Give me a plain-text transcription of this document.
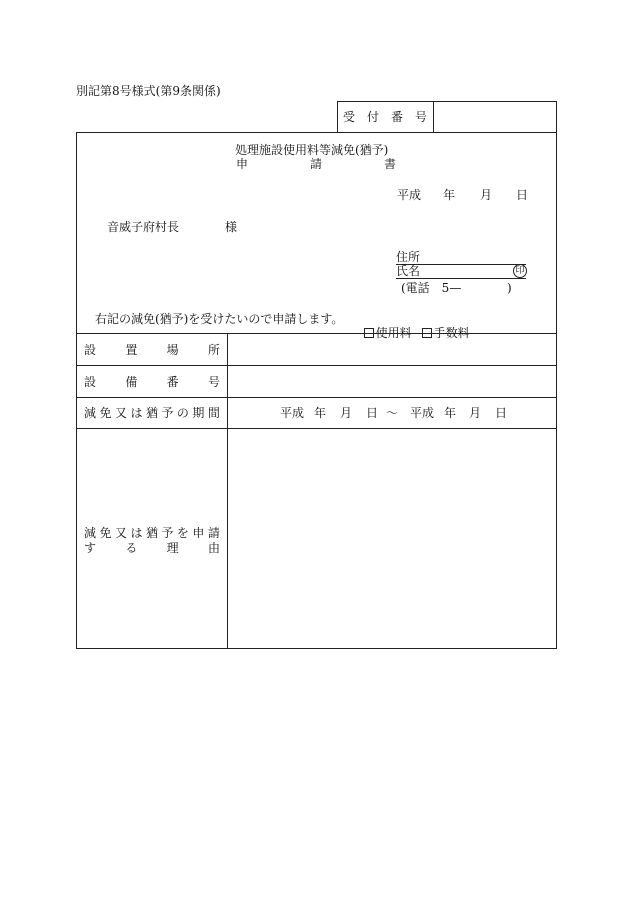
別記第8号様式(第9条関係)
受 付 番 号
処理施設使用料等減免(猶予)
申	請	書
平成 年 月 日
音威子府村長	様
住所
氏名	印
(電話　5—	)
右記の減免(猶予)を受けたいので申請します。

使用料	手数料

設 置 場 所
設 備 番 号
減 免 又 は 猶 予 の 期 間	平成 年 月 日 ～ 平成 年 月 日
減 免 又 は 猶 予 を 申 請
す る 理 由
